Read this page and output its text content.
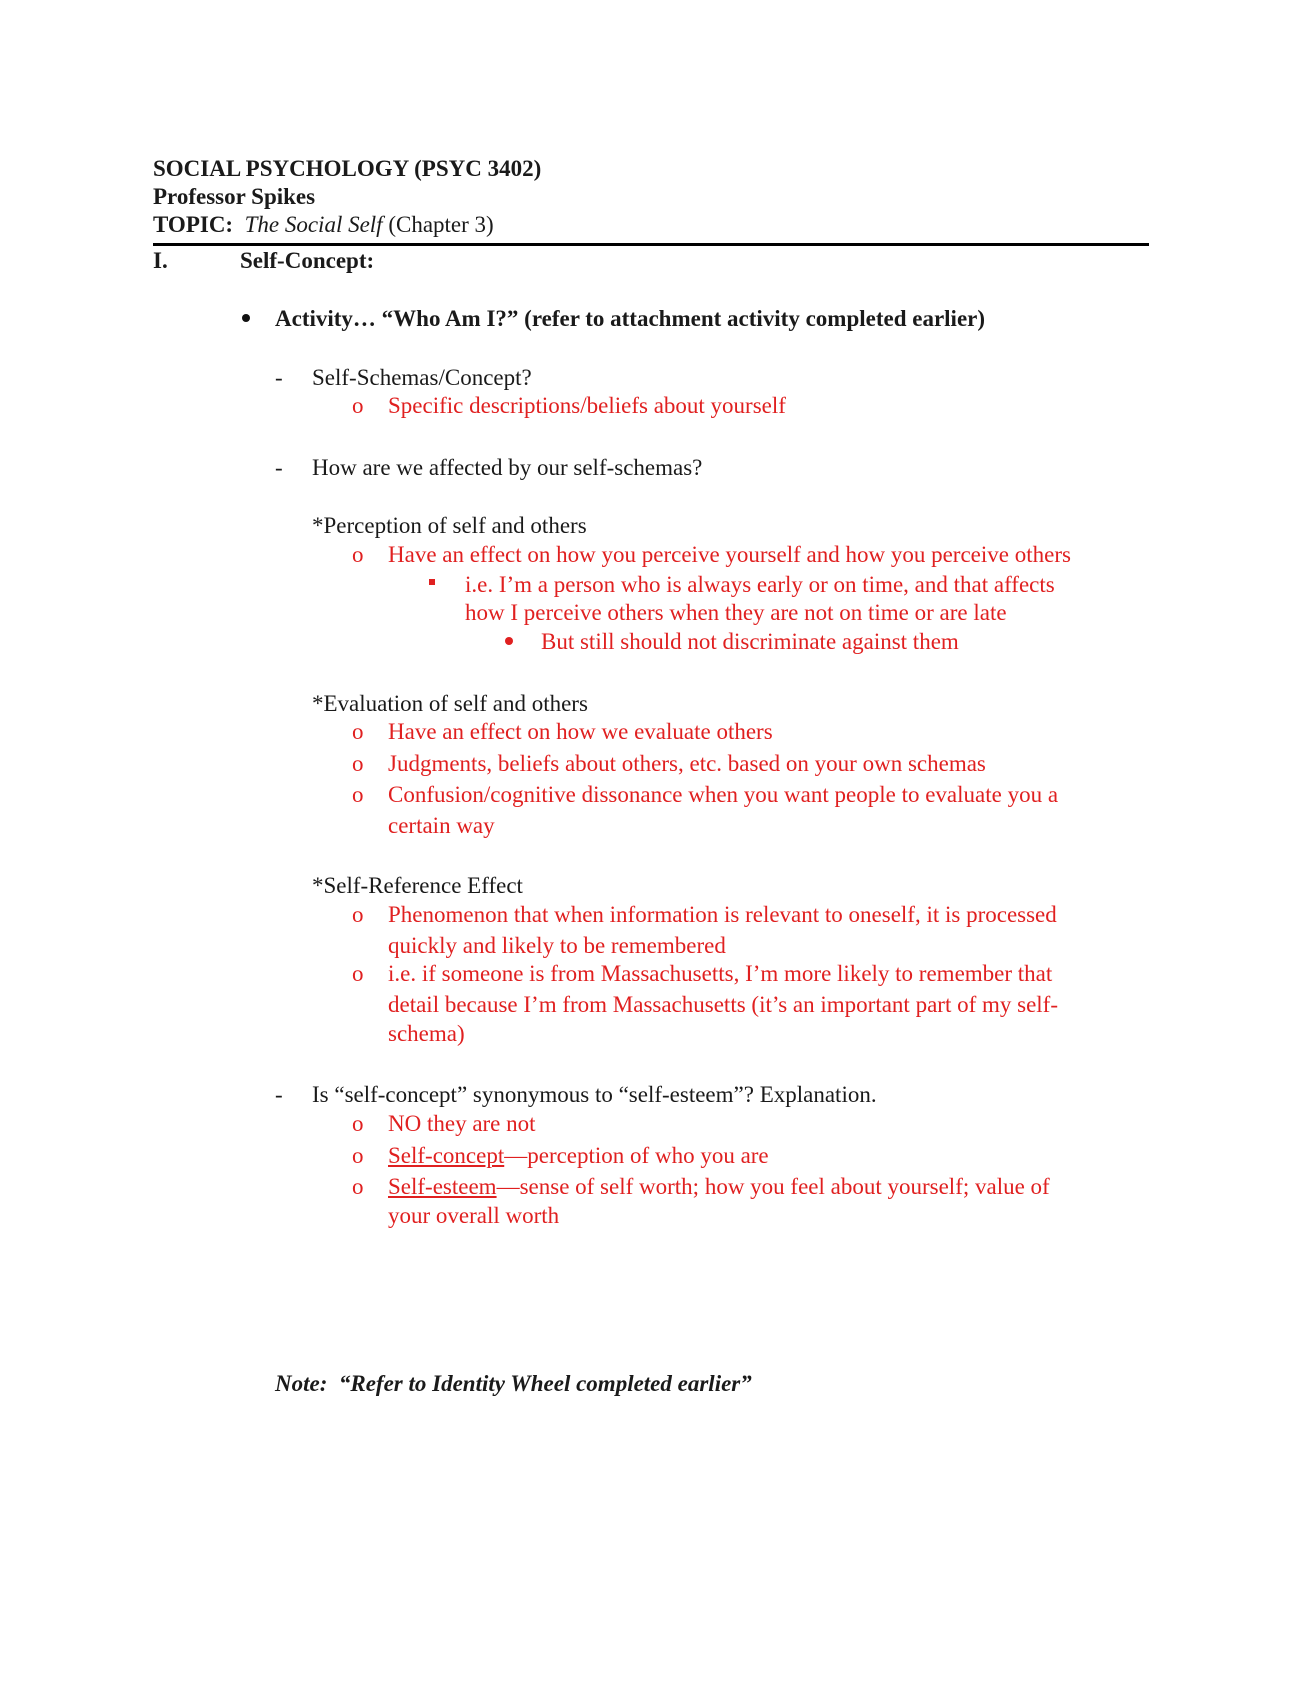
SOCIAL PSYCHOLOGY (PSYC 3402)
Professor Spikes
TOPIC: The Social Self (Chapter 3)
I.	Self-Concept:
Activity… “Who Am I?” (refer to attachment activity completed earlier)
- Self-Schemas/Concept?
o Specific descriptions/beliefs about yourself
- How are we affected by our self-schemas?
*Perception of self and others
o Have an effect on how you perceive yourself and how you perceive others
i.e. I’m a person who is always early or on time, and that affects
how I perceive others when they are not on time or are late
But still should not discriminate against them
*Evaluation of self and others
o Have an effect on how we evaluate others
o Judgments, beliefs about others, etc. based on your own schemas
o Confusion/cognitive dissonance when you want people to evaluate you a
certain way
*Self-Reference Effect
o Phenomenon that when information is relevant to oneself, it is processed
quickly and likely to be remembered
o i.e. if someone is from Massachusetts, I’m more likely to remember that
detail because I’m from Massachusetts (it’s an important part of my self-
schema)
- Is “self-concept” synonymous to “self-esteem”? Explanation.
o NO they are not
o Self-concept—perception of who you are
o Self-esteem—sense of self worth; how you feel about yourself; value of
your overall worth
Note: “Refer to Identity Wheel completed earlier”
